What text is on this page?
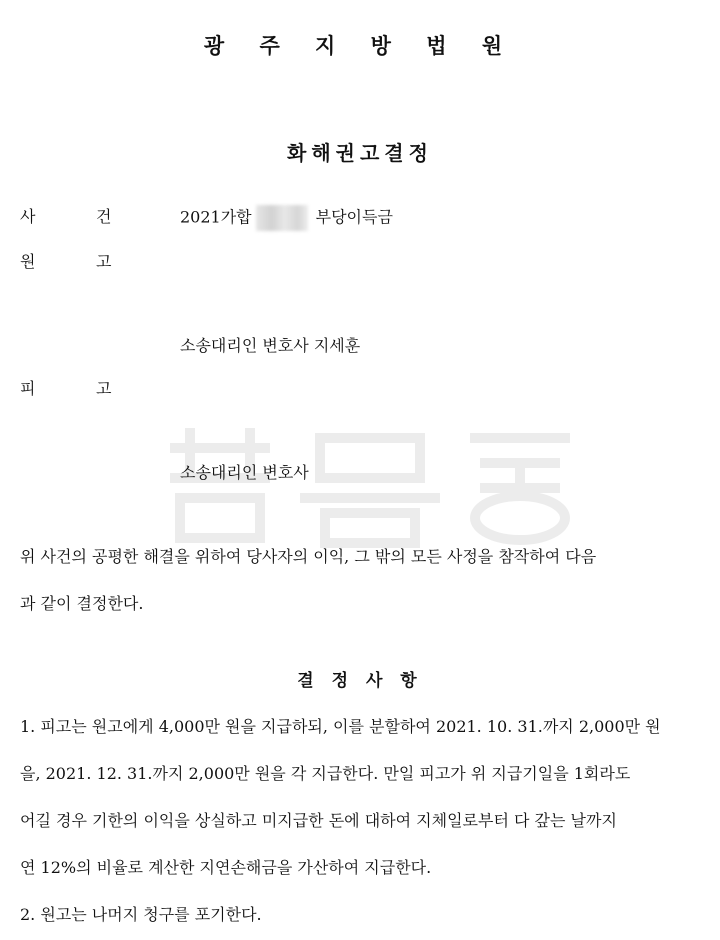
광 주 지 방 법 원
화해권고결정
사	건	2021가합	부당이득금
원	고
소송대리인 변호사 지세훈
피	고
소송대리인 변호사
위 사건의 공평한 해결을 위하여 당사자의 이익, 그 밖의 모든 사정을 참작하여 다음
과 같이 결정한다.
결 정 사 항
1. 피고는 원고에게 4,000만 원을 지급하되, 이를 분할하여 2021. 10. 31.까지 2,000만 원
을, 2021. 12. 31.까지 2,000만 원을 각 지급한다. 만일 피고가 위 지급기일을 1회라도
어길 경우 기한의 이익을 상실하고 미지급한 돈에 대하여 지체일로부터 다 갚는 날까지
연 12%의 비율로 계산한 지연손해금을 가산하여 지급한다.
2. 원고는 나머지 청구를 포기한다.
